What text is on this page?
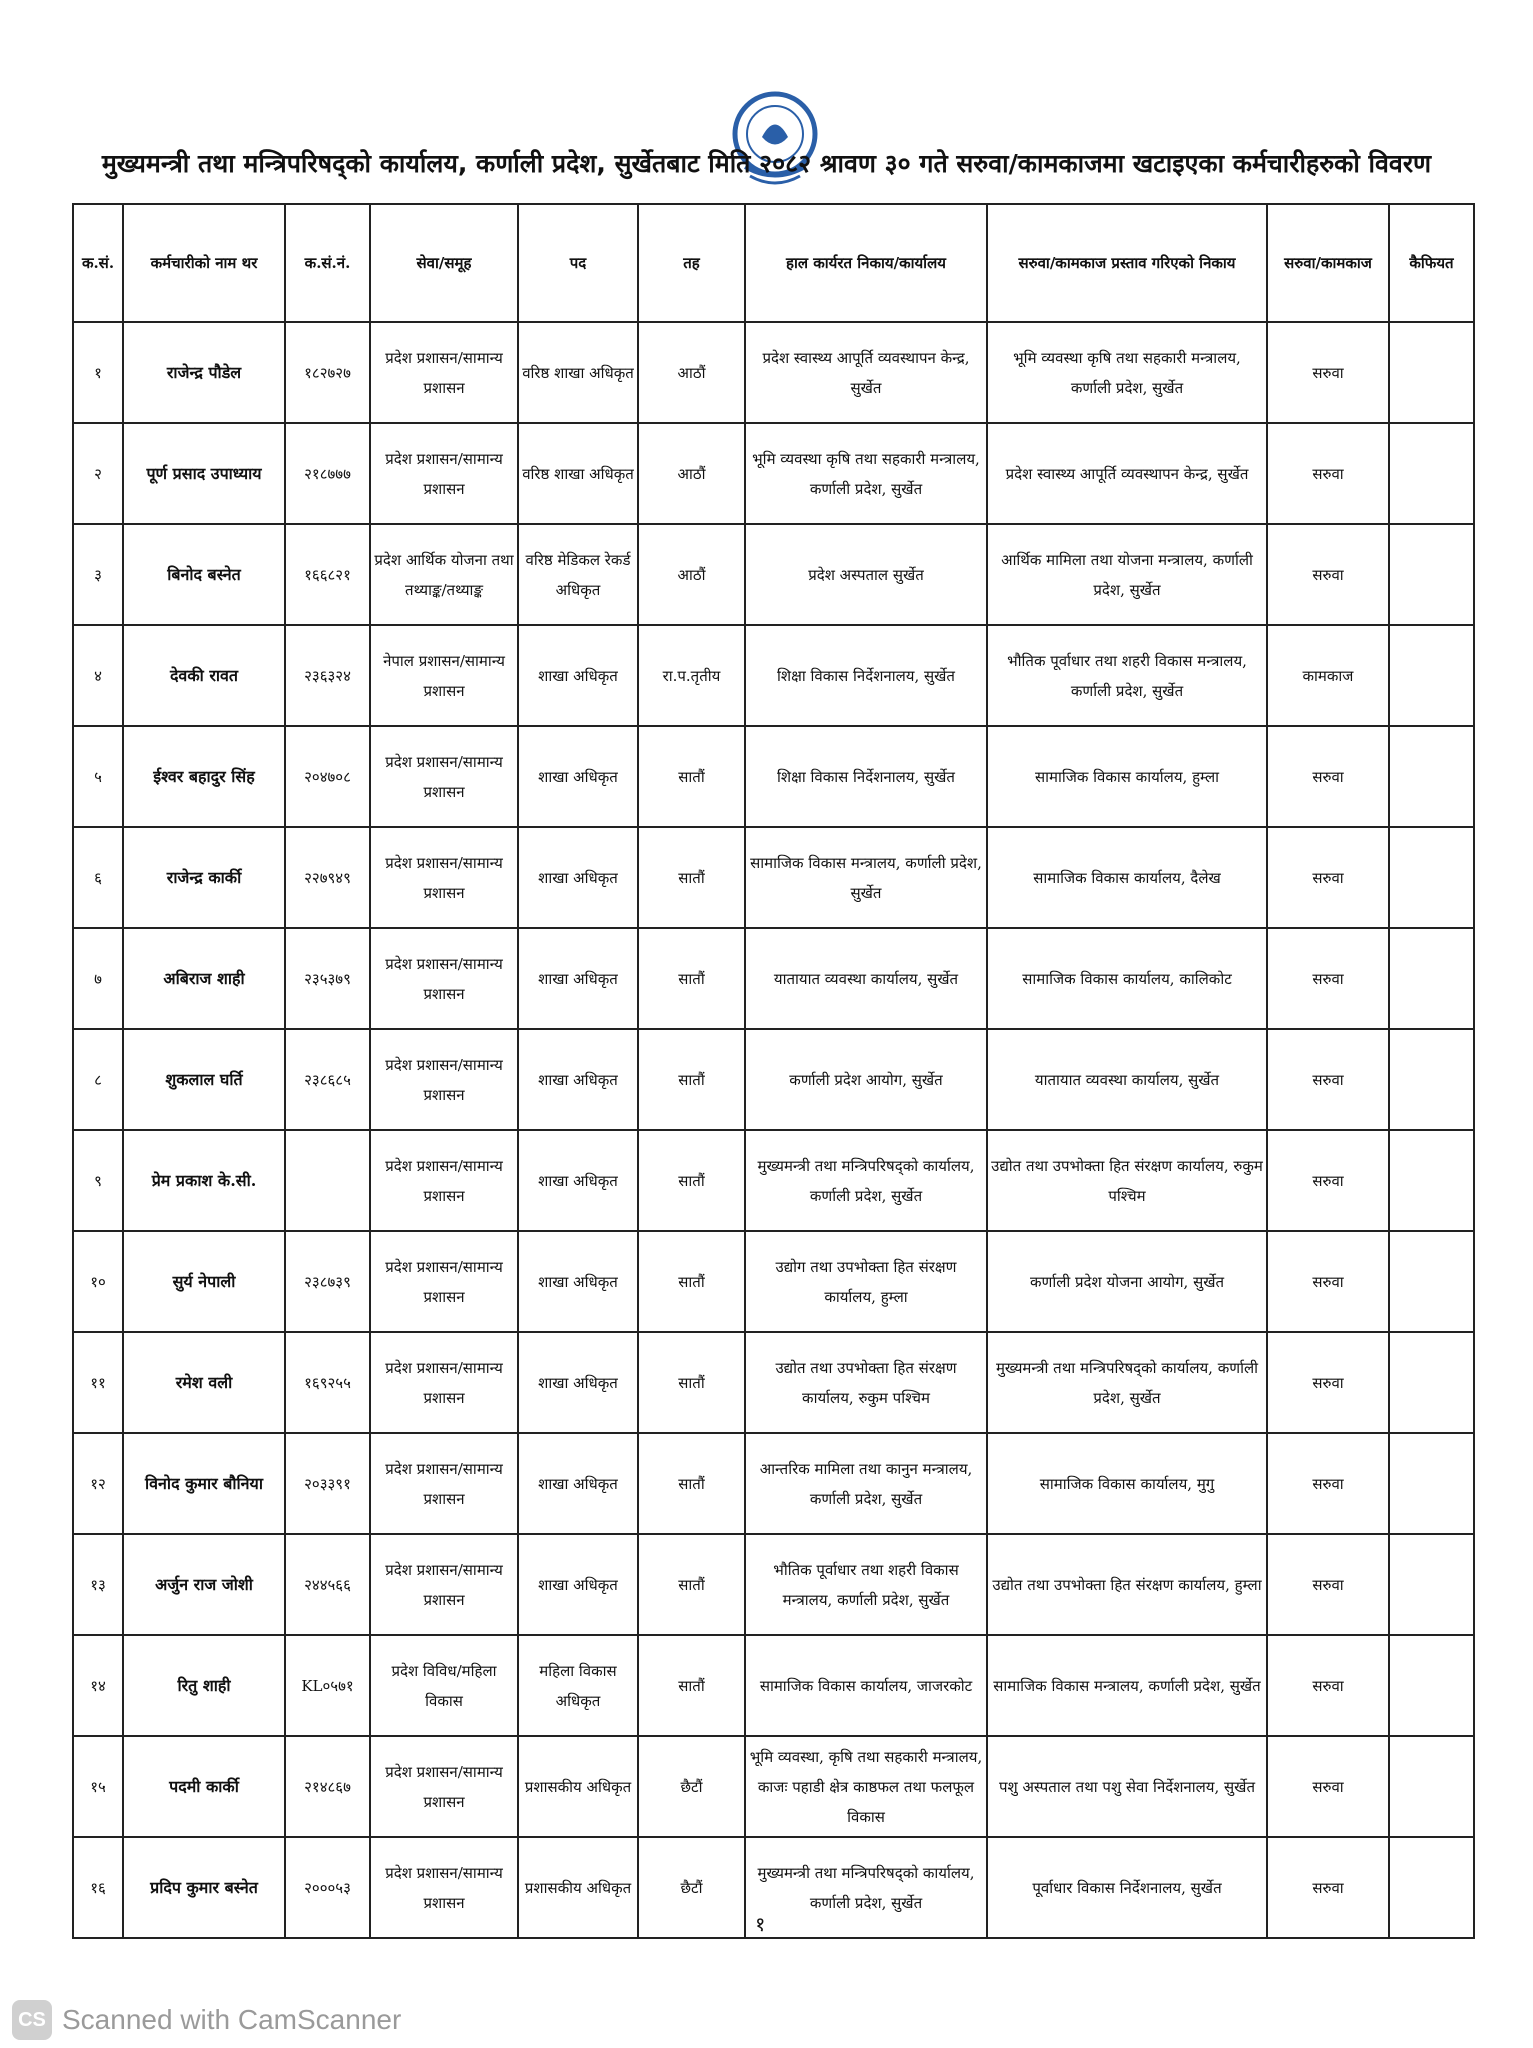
मुख्यमन्त्री तथा मन्त्रिपरिषद्को कार्यालय, कर्णाली प्रदेश, सुर्खेतबाट मिति २०८२ श्रावण ३० गते सरुवा/कामकाजमा खटाइएका कर्मचारीहरुको विवरण
क.सं.	कर्मचारीको नाम थर	क.सं.नं.	सेवा/समूह	पद	तह	हाल कार्यरत निकाय/कार्यालय	सरुवा/कामकाज प्रस्ताव गरिएको निकाय	सरुवा/कामकाज	कैफियत
१	राजेन्द्र पौडेल	१८२७२७	प्रदेश प्रशासन/सामान्य प्रशासन	वरिष्ठ शाखा अधिकृत	आठौं	प्रदेश स्वास्थ्य आपूर्ति व्यवस्थापन केन्द्र, सुर्खेत	भूमि व्यवस्था कृषि तथा सहकारी मन्त्रालय, कर्णाली प्रदेश, सुर्खेत	सरुवा	
२	पूर्ण प्रसाद उपाध्याय	२१८७७७	प्रदेश प्रशासन/सामान्य प्रशासन	वरिष्ठ शाखा अधिकृत	आठौं	भूमि व्यवस्था कृषि तथा सहकारी मन्त्रालय, कर्णाली प्रदेश, सुर्खेत	प्रदेश स्वास्थ्य आपूर्ति व्यवस्थापन केन्द्र, सुर्खेत	सरुवा	
३	बिनोद बस्नेत	१६६८२१	प्रदेश आर्थिक योजना तथा तथ्याङ्क/तथ्याङ्क	वरिष्ठ मेडिकल रेकर्ड अधिकृत	आठौं	प्रदेश अस्पताल सुर्खेत	आर्थिक मामिला तथा योजना मन्त्रालय, कर्णाली प्रदेश, सुर्खेत	सरुवा	
४	देवकी रावत	२३६३२४	नेपाल प्रशासन/सामान्य प्रशासन	शाखा अधिकृत	रा.प.तृतीय	शिक्षा विकास निर्देशनालय, सुर्खेत	भौतिक पूर्वाधार तथा शहरी विकास मन्त्रालय, कर्णाली प्रदेश, सुर्खेत	कामकाज	
५	ईश्वर बहादुर सिंह	२०४७०८	प्रदेश प्रशासन/सामान्य प्रशासन	शाखा अधिकृत	सातौं	शिक्षा विकास निर्देशनालय, सुर्खेत	सामाजिक विकास कार्यालय, हुम्ला	सरुवा	
६	राजेन्द्र कार्की	२२७९४९	प्रदेश प्रशासन/सामान्य प्रशासन	शाखा अधिकृत	सातौं	सामाजिक विकास मन्त्रालय, कर्णाली प्रदेश, सुर्खेत	सामाजिक विकास कार्यालय, दैलेख	सरुवा	
७	अबिराज शाही	२३५३७९	प्रदेश प्रशासन/सामान्य प्रशासन	शाखा अधिकृत	सातौं	यातायात व्यवस्था कार्यालय, सुर्खेत	सामाजिक विकास कार्यालय, कालिकोट	सरुवा	
८	शुकलाल घर्ति	२३८६८५	प्रदेश प्रशासन/सामान्य प्रशासन	शाखा अधिकृत	सातौं	कर्णाली प्रदेश आयोग, सुर्खेत	यातायात व्यवस्था कार्यालय, सुर्खेत	सरुवा	
९	प्रेम प्रकाश के.सी.		प्रदेश प्रशासन/सामान्य प्रशासन	शाखा अधिकृत	सातौं	मुख्यमन्त्री तथा मन्त्रिपरिषद्को कार्यालय, कर्णाली प्रदेश, सुर्खेत	उद्योत तथा उपभोक्ता हित संरक्षण कार्यालय, रुकुम पश्चिम	सरुवा	
१०	सुर्य नेपाली	२३८७३९	प्रदेश प्रशासन/सामान्य प्रशासन	शाखा अधिकृत	सातौं	उद्योग तथा उपभोक्ता हित संरक्षण कार्यालय, हुम्ला	कर्णाली प्रदेश योजना आयोग, सुर्खेत	सरुवा	
११	रमेश वली	१६९२५५	प्रदेश प्रशासन/सामान्य प्रशासन	शाखा अधिकृत	सातौं	उद्योत तथा उपभोक्ता हित संरक्षण कार्यालय, रुकुम पश्चिम	मुख्यमन्त्री तथा मन्त्रिपरिषद्को कार्यालय, कर्णाली प्रदेश, सुर्खेत	सरुवा	
१२	विनोद कुमार बौनिया	२०३३९१	प्रदेश प्रशासन/सामान्य प्रशासन	शाखा अधिकृत	सातौं	आन्तरिक मामिला तथा कानुन मन्त्रालय, कर्णाली प्रदेश, सुर्खेत	सामाजिक विकास कार्यालय, मुगु	सरुवा	
१३	अर्जुन राज जोशी	२४४५६६	प्रदेश प्रशासन/सामान्य प्रशासन	शाखा अधिकृत	सातौं	भौतिक पूर्वाधार तथा शहरी विकास मन्त्रालय, कर्णाली प्रदेश, सुर्खेत	उद्योत तथा उपभोक्ता हित संरक्षण कार्यालय, हुम्ला	सरुवा	
१४	रितु शाही	KL०५७१	प्रदेश विविध/महिला विकास	महिला विकास अधिकृत	सातौं	सामाजिक विकास कार्यालय, जाजरकोट	सामाजिक विकास मन्त्रालय, कर्णाली प्रदेश, सुर्खेत	सरुवा	
१५	पदमी कार्की	२१४८६७	प्रदेश प्रशासन/सामान्य प्रशासन	प्रशासकीय अधिकृत	छैटौं	भूमि व्यवस्था, कृषि तथा सहकारी मन्त्रालय, काजः पहाडी क्षेत्र काष्ठफल तथा फलफूल विकास	पशु अस्पताल तथा पशु सेवा निर्देशनालय, सुर्खेत	सरुवा	
१६	प्रदिप कुमार बस्नेत	२०००५३	प्रदेश प्रशासन/सामान्य प्रशासन	प्रशासकीय अधिकृत	छैटौं	मुख्यमन्त्री तथा मन्त्रिपरिषद्को कार्यालय, कर्णाली प्रदेश, सुर्खेत	पूर्वाधार विकास निर्देशनालय, सुर्खेत	सरुवा	
१
CS Scanned with CamScanner
